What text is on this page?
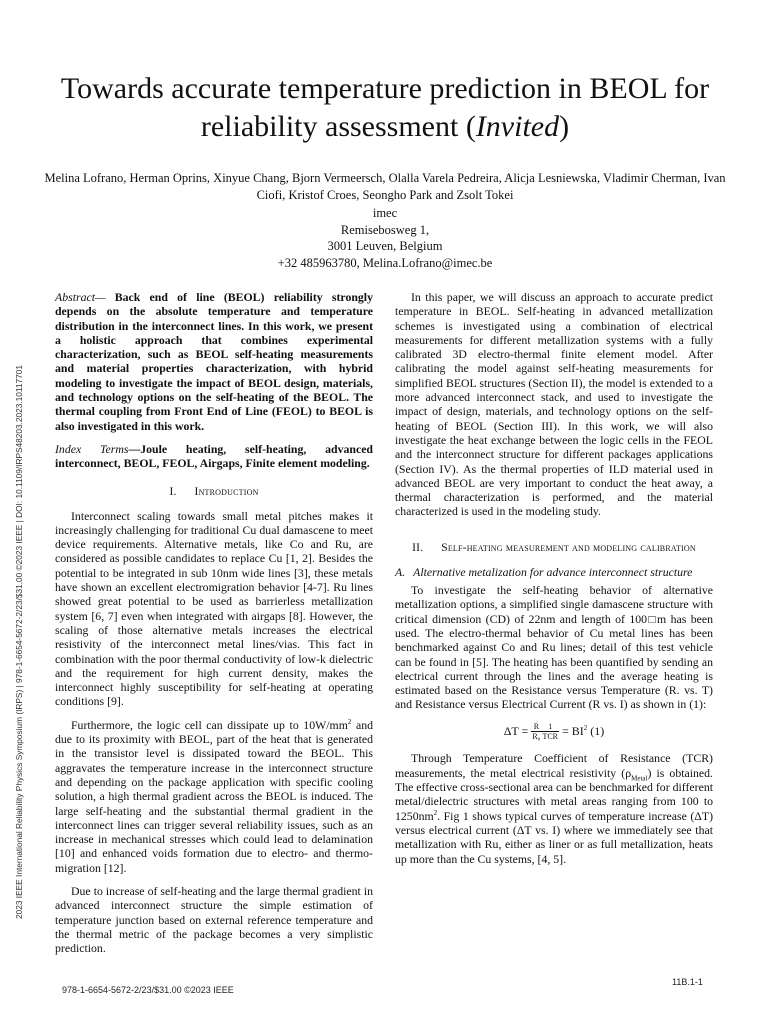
Towards accurate temperature prediction in BEOL for reliability assessment (Invited)
Melina Lofrano, Herman Oprins, Xinyue Chang, Bjorn Vermeersch, Olalla Varela Pedreira, Alicja Lesniewska, Vladimir Cherman, Ivan Ciofi, Kristof Croes, Seongho Park and Zsolt Tokei
imec
Remisebosweg 1,
3001 Leuven, Belgium
+32 485963780, Melina.Lofrano@imec.be
2023 IEEE International Reliability Physics Symposium (IRPS) | 978-1-6654-5672-2/23/$31.00 ©2023 IEEE | DOI: 10.1109/IRPS48203.2023.10117701

Abstract— Back end of line (BEOL) reliability strongly depends on the absolute temperature and temperature distribution in the interconnect lines. In this work, we present a holistic approach that combines experimental characterization, such as BEOL self-heating measurements and material properties characterization, with hybrid modeling to investigate the impact of BEOL design, materials, and technology options on the self-heating of the BEOL. The thermal coupling from Front End of Line (FEOL) to BEOL is also investigated in this work.

Index Terms—Joule heating, self-heating, advanced interconnect, BEOL, FEOL, Airgaps, Finite element modeling.

I. Introduction

Interconnect scaling towards small metal pitches makes it increasingly challenging for traditional Cu dual damascene to meet device requirements. Alternative metals, like Co and Ru, are considered as possible candidates to replace Cu [1, 2]. Besides the potential to be integrated in sub 10nm wide lines [3], these metals have shown an excellent electromigration behavior [4-7]. Ru lines showed great potential to be used as barrierless metallization system [6, 7] even when integrated with airgaps [8]. However, the scaling of those alternative metals increases the electrical resistivity of the interconnect metal lines/vias. This fact in combination with the poor thermal conductivity of low-k dielectric and the requirement for high current density, makes the interconnect highly susceptibility for self-heating at operating conditions [9].

Furthermore, the logic cell can dissipate up to $10W/mm^2$ and due to its proximity with BEOL, part of the heat that is generated in the transistor level is dissipated toward the BEOL. This aggravates the temperature increase in the interconnect structure and depending on the package application with specific cooling solution, a high thermal gradient across the BEOL is induced. The large self-heating and the substantial thermal gradient in the interconnect lines can trigger several reliability issues, such as an increase in mechanical stresses which could lead to delamination [10] and enhanced voids formation due to electro- and thermo-migration [12].

Due to increase of self-heating and the large thermal gradient in advanced interconnect structure the simple estimation of temperature junction based on external reference temperature and the thermal metric of the package becomes a very simplistic prediction.

In this paper, we will discuss an approach to accurate predict temperature in BEOL. Self-heating in advanced metallization schemes is investigated using a combination of electrical measurements for different metallization systems with a fully calibrated 3D electro-thermal finite element model. After calibrating the model against self-heating measurements for simplified BEOL structures (Section II), the model is extended to a more advanced interconnect stack, and used to investigate the impact of design, materials, and technology options on the self-heating of BEOL (Section III). In this work, we will also investigate the heat exchange between the logic cells in the FEOL and the interconnect structure for different packages applications (Section IV). As the thermal properties of ILD material used in advanced BEOL are very important to conduct the heat away, a thermal characterization is performed, and the material characterized is used in the modeling study.

II. Self-heating measurement and modeling calibration
A. Alternative metalization for advance interconnect structure

To investigate the self-heating behavior of alternative metallization options, a simplified single damascene structure with critical dimension (CD) of 22nm and length of 100□m has been used. The electro-thermal behavior of Cu metal lines has been benchmarked against Co and Ru lines; detail of this test vehicle can be found in [5]. The heating has been quantified by sending an electrical current through the lines and the average heating is estimated based on the Resistance versus Temperature (R. vs. T) and Resistance versus Electrical Current (R vs. I) as shown in (1):

$\Delta T = \frac{R}{\text{R₀}} \frac{1}{\text{TCR}} = BI^2$ (1)

Through Temperature Coefficient of Resistance (TCR) measurements, the metal electrical resistivity $(\rho_{Metal})$ is obtained. The effective cross-sectional area can be benchmarked for different metal/dielectric structures with metal areas ranging from 100 to $1250nm^2$. Fig 1 shows typical curves of temperature increase (ΔT) versus electrical current (ΔT vs. I) where we immediately see that metallization with Ru, either as liner or as full metallization, heats up more than the Cu systems, [4, 5].

978-1-6654-5672-2/23/$31.00 ©2023 IEEE
11B.1-1
